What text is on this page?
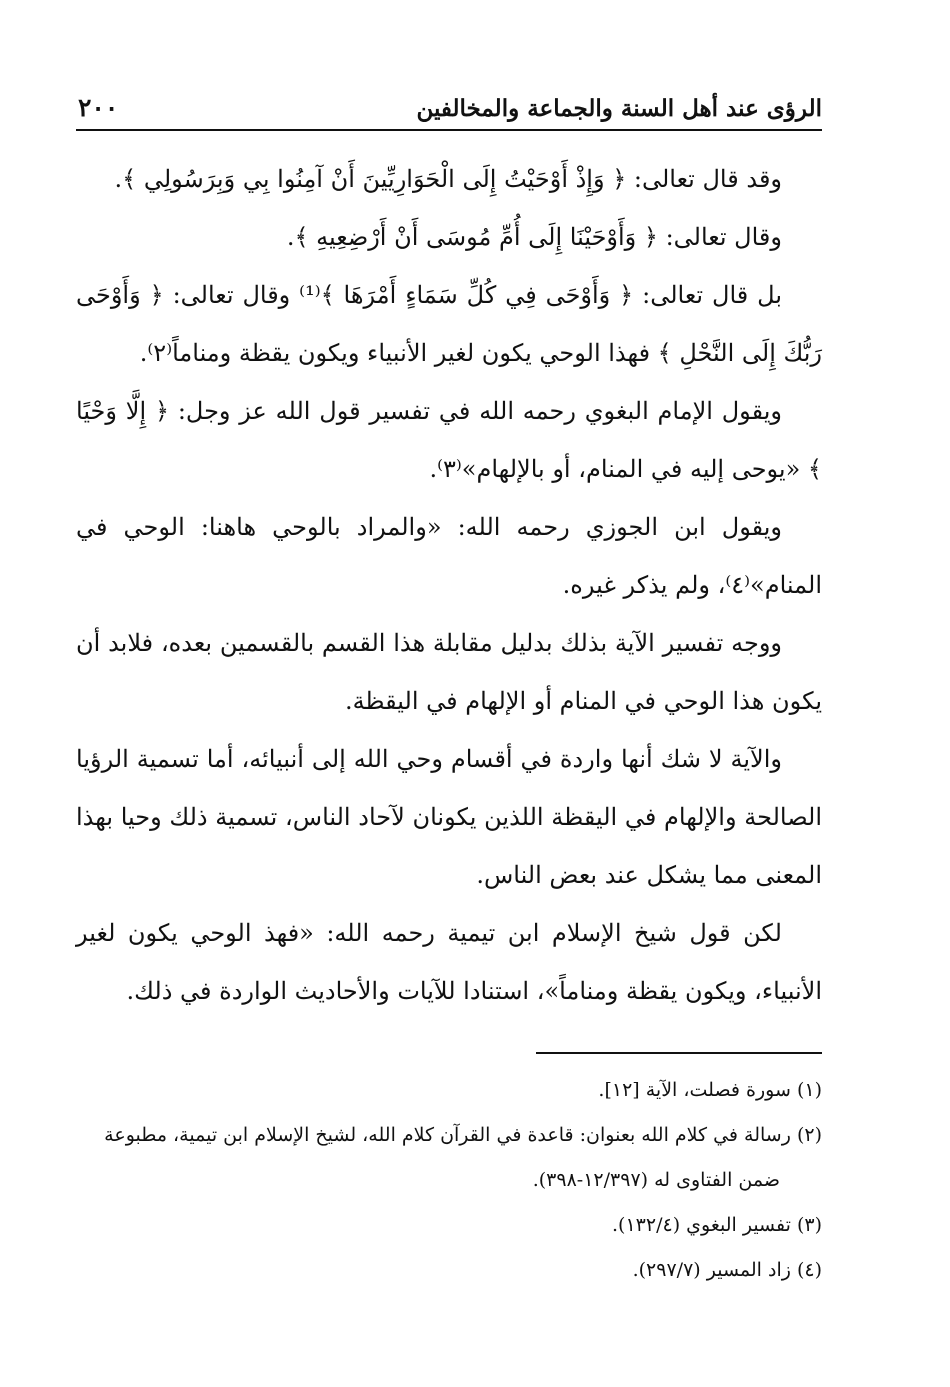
الرؤى عند أهل السنة والجماعة والمخالفين
٢٠٠

وقد قال تعالى: ﴿ وَإِذْ أَوْحَيْتُ إِلَى الْحَوَارِيِّينَ أَنْ آمِنُوا بِي وَبِرَسُولِي ﴾.

وقال تعالى: ﴿ وَأَوْحَيْنَا إِلَى أُمِّ مُوسَى أَنْ أَرْضِعِيهِ ﴾.

بل قال تعالى: ﴿ وَأَوْحَى فِي كُلِّ سَمَاءٍ أَمْرَهَا ﴾⁽¹⁾ وقال تعالى: ﴿ وَأَوْحَى رَبُّكَ إِلَى النَّحْلِ ﴾ فهذا الوحي يكون لغير الأنبياء ويكون يقظة ومناماً⁽٢⁾.

ويقول الإمام البغوي رحمه الله في تفسير قول الله عز وجل: ﴿ إِلَّا وَحْيًا ﴾ «يوحى إليه في المنام، أو بالإلهام»⁽٣⁾.

ويقول ابن الجوزي رحمه الله: «والمراد بالوحي هاهنا: الوحي في المنام»⁽٤⁾، ولم يذكر غيره.

ووجه تفسير الآية بذلك بدليل مقابلة هذا القسم بالقسمين بعده، فلابد أن يكون هذا الوحي في المنام أو الإلهام في اليقظة.

والآية لا شك أنها واردة في أقسام وحي الله إلى أنبيائه، أما تسمية الرؤيا الصالحة والإلهام في اليقظة اللذين يكونان لآحاد الناس، تسمية ذلك وحيا بهذا المعنى مما يشكل عند بعض الناس.

لكن قول شيخ الإسلام ابن تيمية رحمه الله: «فهذ الوحي يكون لغير الأنبياء، ويكون يقظة ومناماً»، استنادا للآيات والأحاديث الواردة في ذلك.

(١) سورة فصلت، الآية [١٢].

(٢) رسالة في كلام الله بعنوان: قاعدة في القرآن كلام الله، لشيخ الإسلام ابن تيمية، مطبوعة

ضمن الفتاوى له (١٢/٣٩٧-٣٩٨).

(٣) تفسير البغوي (١٣٢/٤).

(٤) زاد المسير (٢٩٧/٧).
